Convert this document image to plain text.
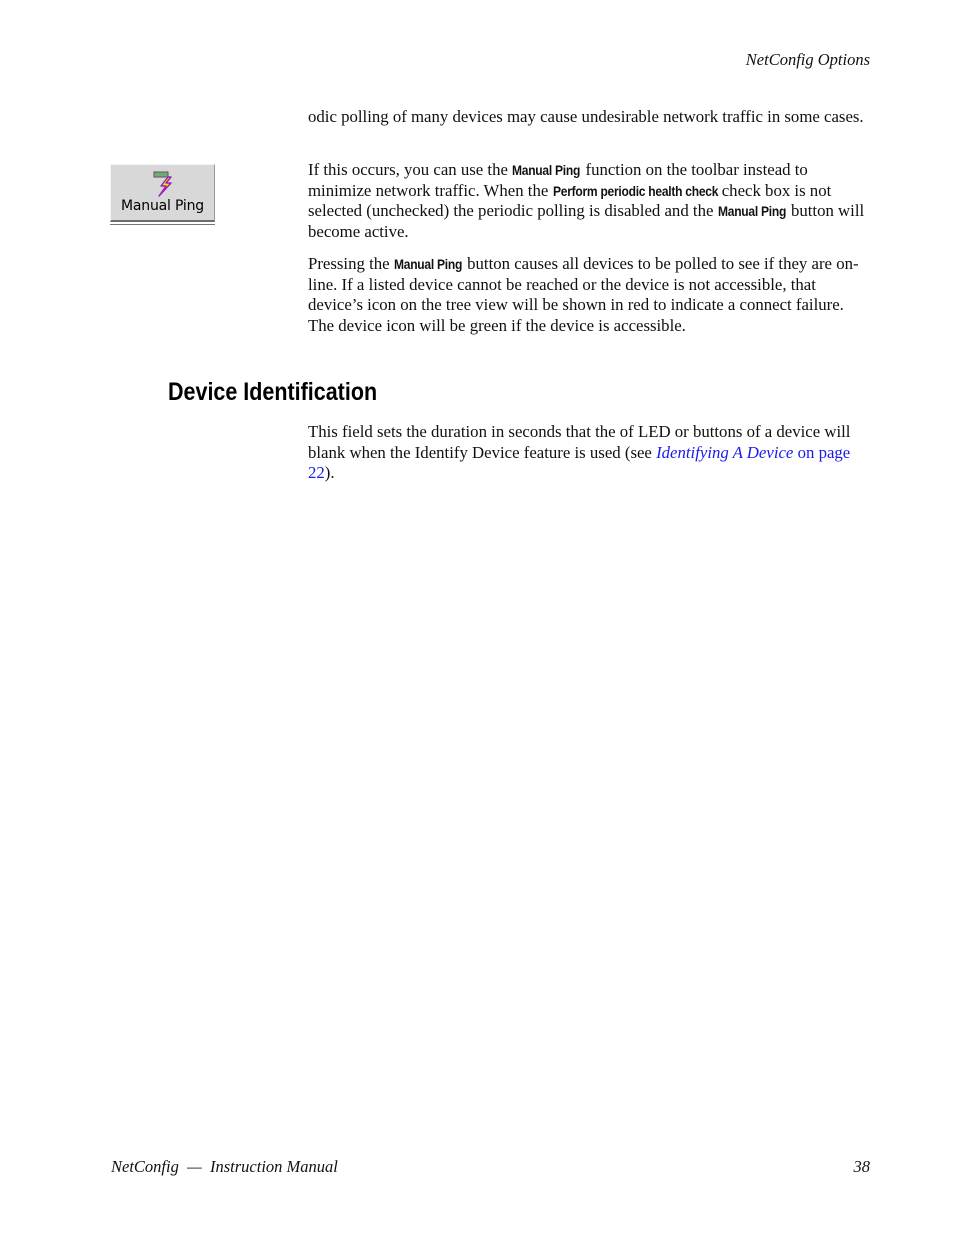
NetConfig Options

odic polling of many devices may cause undesirable network traffic in some cases.

Manual Ping

If this occurs, you can use the Manual Ping function on the toolbar instead to minimize network traffic. When the Perform periodic health check check box is not selected (unchecked) the periodic polling is disabled and the Manual Ping button will become active.

Pressing the Manual Ping button causes all devices to be polled to see if they are on-line. If a listed device cannot be reached or the device is not accessible, that device’s icon on the tree view will be shown in red to indicate a connect failure. The device icon will be green if the device is accessible.

Device Identification

This field sets the duration in seconds that the of LED or buttons of a device will blank when the Identify Device feature is used (see Identifying A Device on page 22).

NetConfig  —  Instruction Manual	38
